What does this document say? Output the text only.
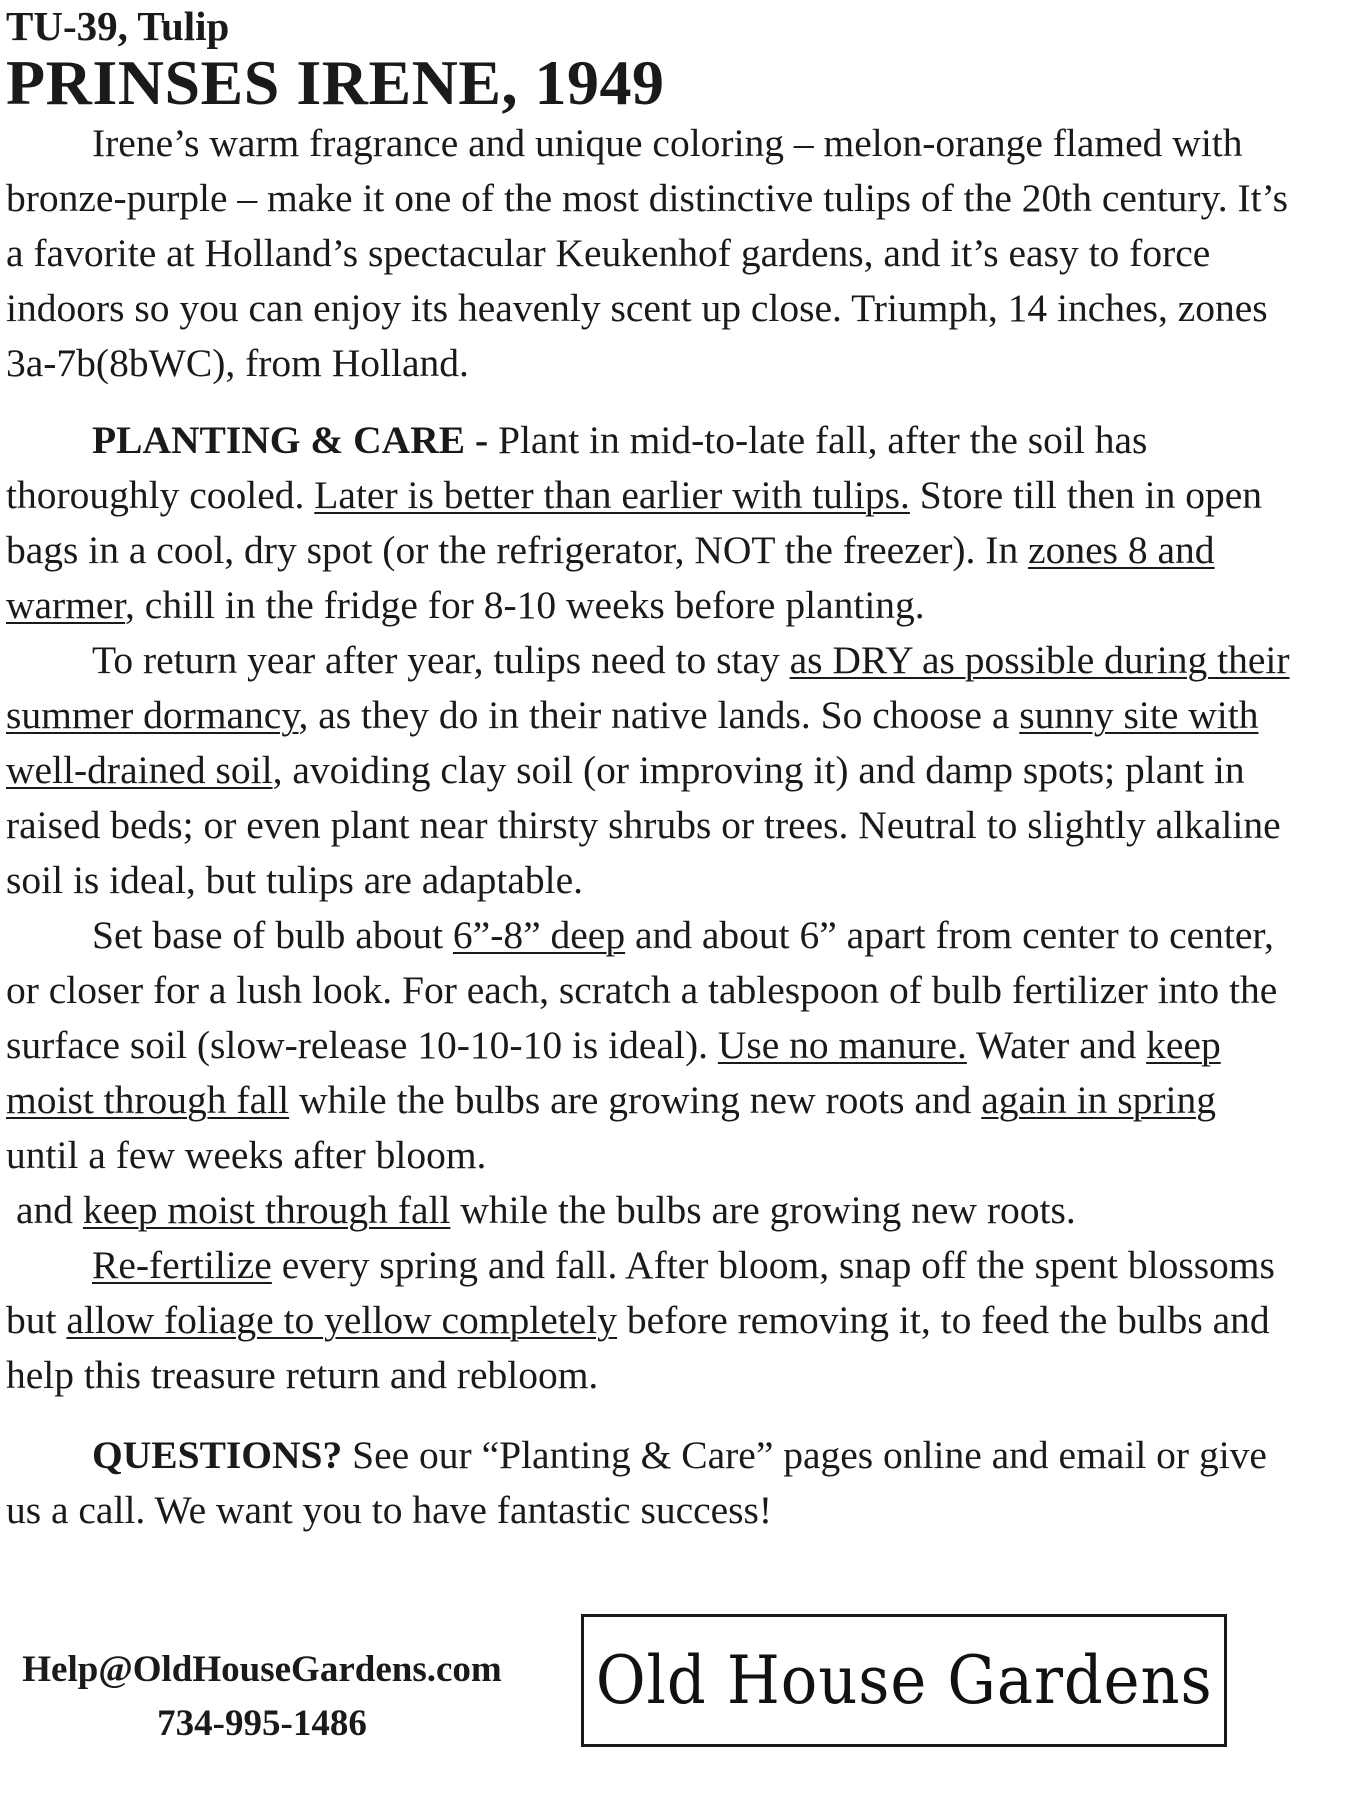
TU-39, Tulip

PRINSES IRENE, 1949

Irene’s warm fragrance and unique coloring – melon-orange flamed with bronze-purple – make it one of the most distinctive tulips of the 20th century. It’s a favorite at Holland’s spectacular Keukenhof gardens, and it’s easy to force indoors so you can enjoy its heavenly scent up close. Triumph, 14 inches, zones 3a-7b(8bWC), from Holland.

PLANTING & CARE - Plant in mid-to-late fall, after the soil has thoroughly cooled. Later is better than earlier with tulips. Store till then in open bags in a cool, dry spot (or the refrigerator, NOT the freezer). In zones 8 and warmer, chill in the fridge for 8-10 weeks before planting.

To return year after year, tulips need to stay as DRY as possible during their summer dormancy, as they do in their native lands. So choose a sunny site with well-drained soil, avoiding clay soil (or improving it) and damp spots; plant in raised beds; or even plant near thirsty shrubs or trees. Neutral to slightly alkaline soil is ideal, but tulips are adaptable.

Set base of bulb about 6”-8” deep and about 6” apart from center to center, or closer for a lush look. For each, scratch a tablespoon of bulb fertilizer into the surface soil (slow-release 10-10-10 is ideal). Use no manure. Water and keep moist through fall while the bulbs are growing new roots and again in spring until a few weeks after bloom.

and keep moist through fall while the bulbs are growing new roots.

Re-fertilize every spring and fall. After bloom, snap off the spent blossoms but allow foliage to yellow completely before removing it, to feed the bulbs and help this treasure return and rebloom.

QUESTIONS? See our “Planting & Care” pages online and email or give us a call. We want you to have fantastic success!

Help@OldHouseGardens.com
734-995-1486
Old House Gardens
